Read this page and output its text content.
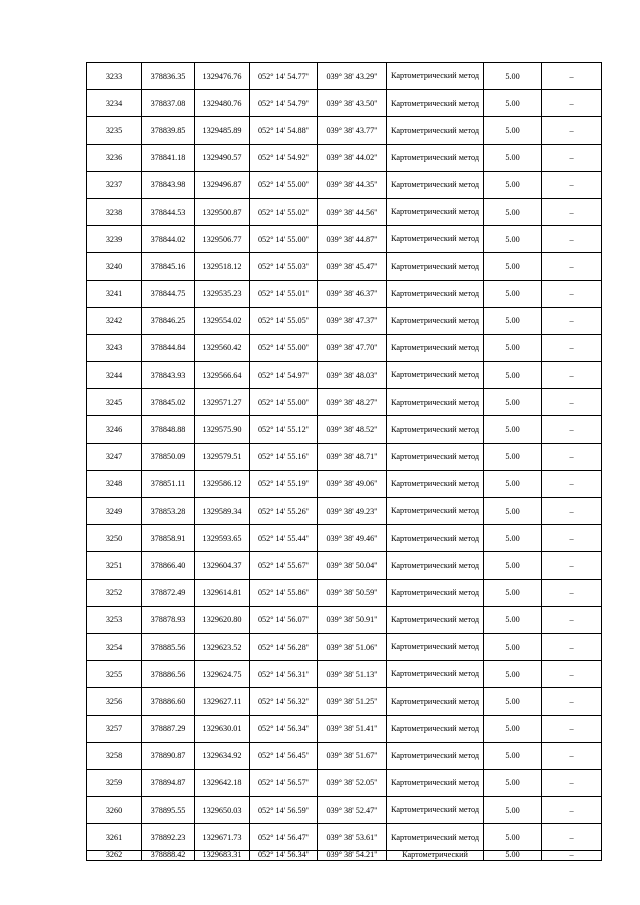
3233	378836.35	1329476.76	052° 14' 54.77"	039° 38' 43.29"	Картометрический метод	5.00	–
3234	378837.08	1329480.76	052° 14' 54.79"	039° 38' 43.50"	Картометрический метод	5.00	–
3235	378839.85	1329485.89	052° 14' 54.88"	039° 38' 43.77"	Картометрический метод	5.00	–
3236	378841.18	1329490.57	052° 14' 54.92"	039° 38' 44.02"	Картометрический метод	5.00	–
3237	378843.98	1329496.87	052° 14' 55.00"	039° 38' 44.35"	Картометрический метод	5.00	–
3238	378844.53	1329500.87	052° 14' 55.02"	039° 38' 44.56"	Картометрический метод	5.00	–
3239	378844.02	1329506.77	052° 14' 55.00"	039° 38' 44.87"	Картометрический метод	5.00	–
3240	378845.16	1329518.12	052° 14' 55.03"	039° 38' 45.47"	Картометрический метод	5.00	–
3241	378844.75	1329535.23	052° 14' 55.01"	039° 38' 46.37"	Картометрический метод	5.00	–
3242	378846.25	1329554.02	052° 14' 55.05"	039° 38' 47.37"	Картометрический метод	5.00	–
3243	378844.84	1329560.42	052° 14' 55.00"	039° 38' 47.70"	Картометрический метод	5.00	–
3244	378843.93	1329566.64	052° 14' 54.97"	039° 38' 48.03"	Картометрический метод	5.00	–
3245	378845.02	1329571.27	052° 14' 55.00"	039° 38' 48.27"	Картометрический метод	5.00	–
3246	378848.88	1329575.90	052° 14' 55.12"	039° 38' 48.52"	Картометрический метод	5.00	–
3247	378850.09	1329579.51	052° 14' 55.16"	039° 38' 48.71"	Картометрический метод	5.00	–
3248	378851.11	1329586.12	052° 14' 55.19"	039° 38' 49.06"	Картометрический метод	5.00	–
3249	378853.28	1329589.34	052° 14' 55.26"	039° 38' 49.23"	Картометрический метод	5.00	–
3250	378858.91	1329593.65	052° 14' 55.44"	039° 38' 49.46"	Картометрический метод	5.00	–
3251	378866.40	1329604.37	052° 14' 55.67"	039° 38' 50.04"	Картометрический метод	5.00	–
3252	378872.49	1329614.81	052° 14' 55.86"	039° 38' 50.59"	Картометрический метод	5.00	–
3253	378878.93	1329620.80	052° 14' 56.07"	039° 38' 50.91"	Картометрический метод	5.00	–
3254	378885.56	1329623.52	052° 14' 56.28"	039° 38' 51.06"	Картометрический метод	5.00	–
3255	378886.56	1329624.75	052° 14' 56.31"	039° 38' 51.13"	Картометрический метод	5.00	–
3256	378886.60	1329627.11	052° 14' 56.32"	039° 38' 51.25"	Картометрический метод	5.00	–
3257	378887.29	1329630.01	052° 14' 56.34"	039° 38' 51.41"	Картометрический метод	5.00	–
3258	378890.87	1329634.92	052° 14' 56.45"	039° 38' 51.67"	Картометрический метод	5.00	–
3259	378894.87	1329642.18	052° 14' 56.57"	039° 38' 52.05"	Картометрический метод	5.00	–
3260	378895.55	1329650.03	052° 14' 56.59"	039° 38' 52.47"	Картометрический метод	5.00	–
3261	378892.23	1329671.73	052° 14' 56.47"	039° 38' 53.61"	Картометрический метод	5.00	–
3262	378888.42	1329683.31	052° 14' 56.34"	039° 38' 54.21"	Картометрический	5.00	–
